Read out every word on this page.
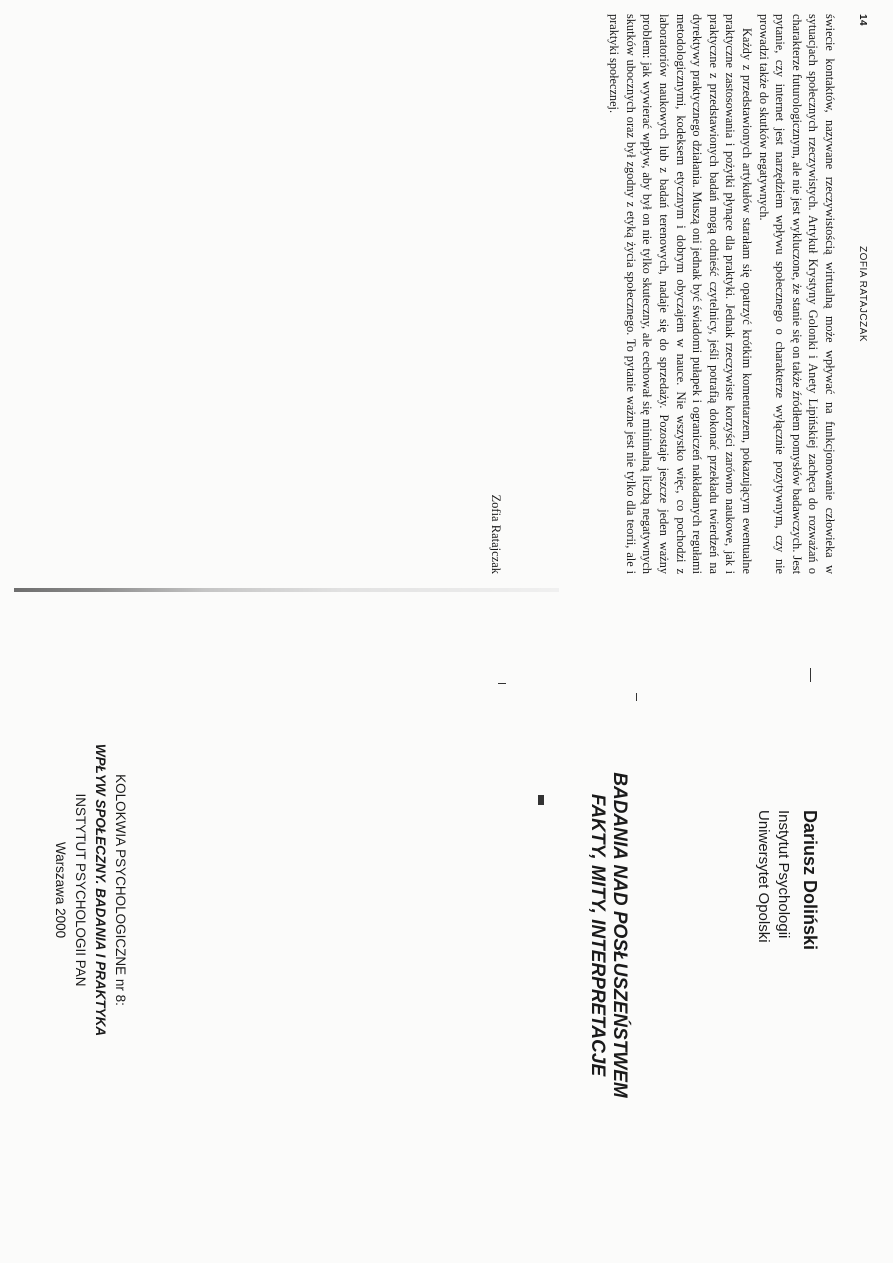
14
ZOFIA RATAJCZAK

świecie kontaktów, nazywane rzeczywistością wirtualną może wpływać na funkcjonowanie człowieka w sytuacjach społecznych rzeczywistych. Artykuł Krystyny Golonki i Anety Lipińskiej zachęca do rozważań o charakterze futurologicznym, ale nie jest wykluczone, że stanie się on także źródłem pomysłów badawczych. Jest pytanie, czy internet jest narzędziem wpływu społecznego o charakterze wyłącznie pozytywnym, czy nie prowadzi także do skutków negatywnych.

Każdy z przedstawionych artykułów starałam się opatrzyć krótkim komentarzem, pokazującym ewentualne praktyczne zastosowania i pożytki płynące dla praktyki. Jednak rzeczywiste korzyści zarówno naukowe, jak i praktyczne z przedstawionych badań mogą odnieść czytelnicy, jeśli potrafią dokonać przekładu twierdzeń na dyrektywy praktycznego działania. Muszą oni jednak być świadomi pułapek i ograniczeń nakładanych regułami metodologicznymi, kodeksem etycznym i dobrym obyczajem w nauce. Nie wszystko więc, co pochodzi z laboratoriów naukowych lub z badań terenowych, nadaje się do sprzedaży. Pozostaje jeszcze jeden ważny problem: jak wywierać wpływ, aby był on nie tylko skuteczny, ale cechował się minimalną liczbą negatywnych skutków ubocznych oraz był zgodny z etyką życia społecznego. To pytanie ważne jest nie tylko dla teorii, ale i praktyki społecznej.

Zofia Ratajczak
Dariusz Doliński
Instytut Psychologii
Uniwersytet Opolski
BADANIA NAD POSŁUSZEŃSTWEM
FAKTY, MITY, INTERPRETACJE
KOLOKWIA PSYCHOLOGICZNE nr 8:
WPŁYW SPOŁECZNY. BADANIA I PRAKTYKA
INSTYTUT PSYCHOLOGII PAN
Warszawa 2000
